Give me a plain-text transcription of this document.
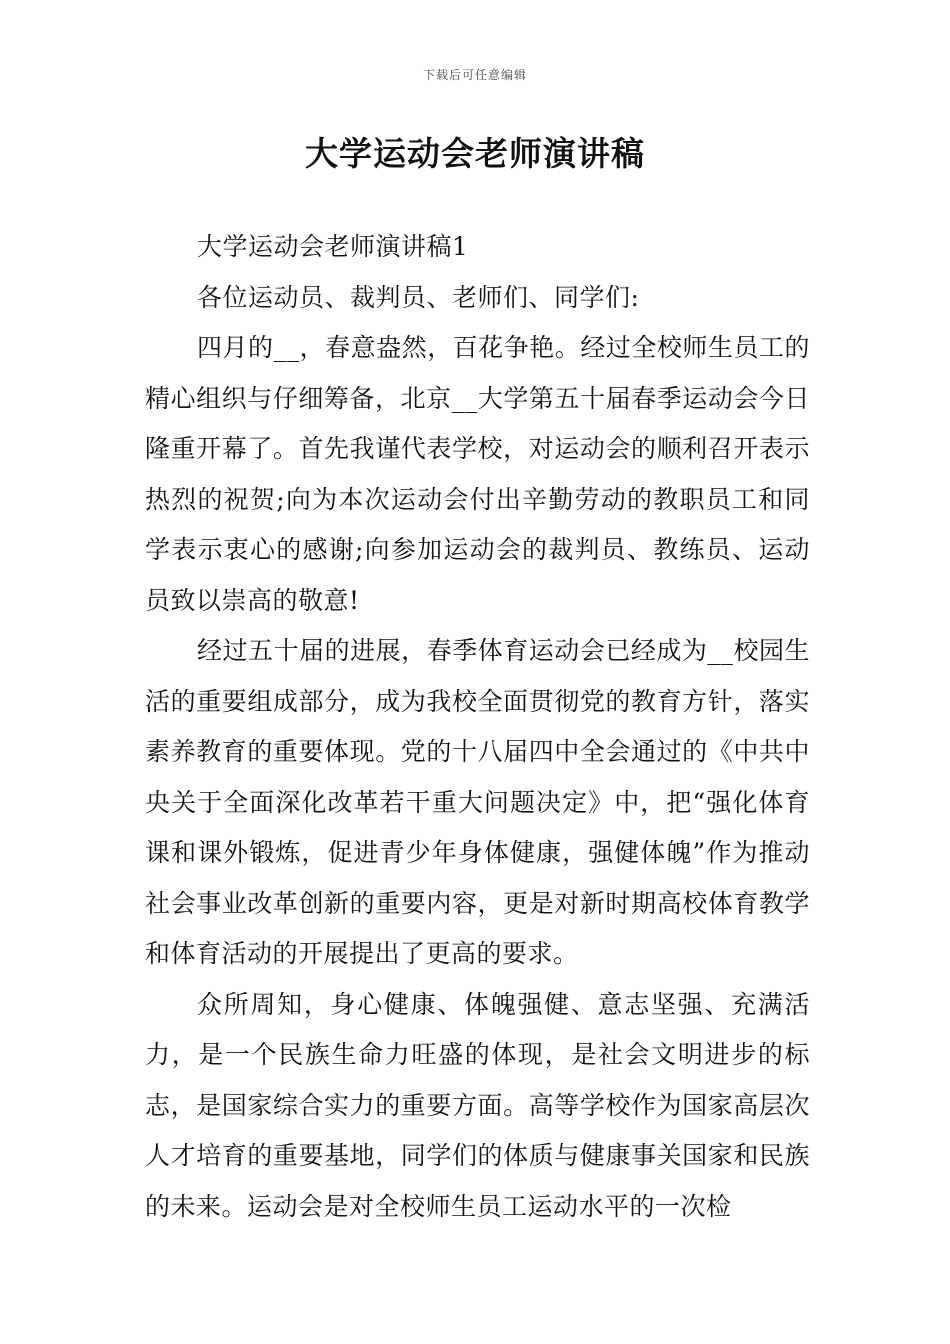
下载后可任意编辑
大学运动会老师演讲稿

大学运动会老师演讲稿1

各位运动员、裁判员、老师们、同学们:

四月的__，春意盎然，百花争艳。经过全校师生员工的精心组织与仔细筹备，北京__大学第五十届春季运动会今日隆重开幕了。首先我谨代表学校，对运动会的顺利召开表示热烈的祝贺;向为本次运动会付出辛勤劳动的教职员工和同学表示衷心的感谢;向参加运动会的裁判员、教练员、运动员致以崇高的敬意!

经过五十届的进展，春季体育运动会已经成为__校园生活的重要组成部分，成为我校全面贯彻党的教育方针，落实素养教育的重要体现。党的十八届四中全会通过的《中共中央关于全面深化改革若干重大问题决定》中，把“强化体育课和课外锻炼，促进青少年身体健康，强健体魄”作为推动社会事业改革创新的重要内容，更是对新时期高校体育教学和体育活动的开展提出了更高的要求。

众所周知，身心健康、体魄强健、意志坚强、充满活力，是一个民族生命力旺盛的体现，是社会文明进步的标志，是国家综合实力的重要方面。高等学校作为国家高层次人才培育的重要基地，同学们的体质与健康事关国家和民族的未来。运动会是对全校师生员工运动水平的一次检
